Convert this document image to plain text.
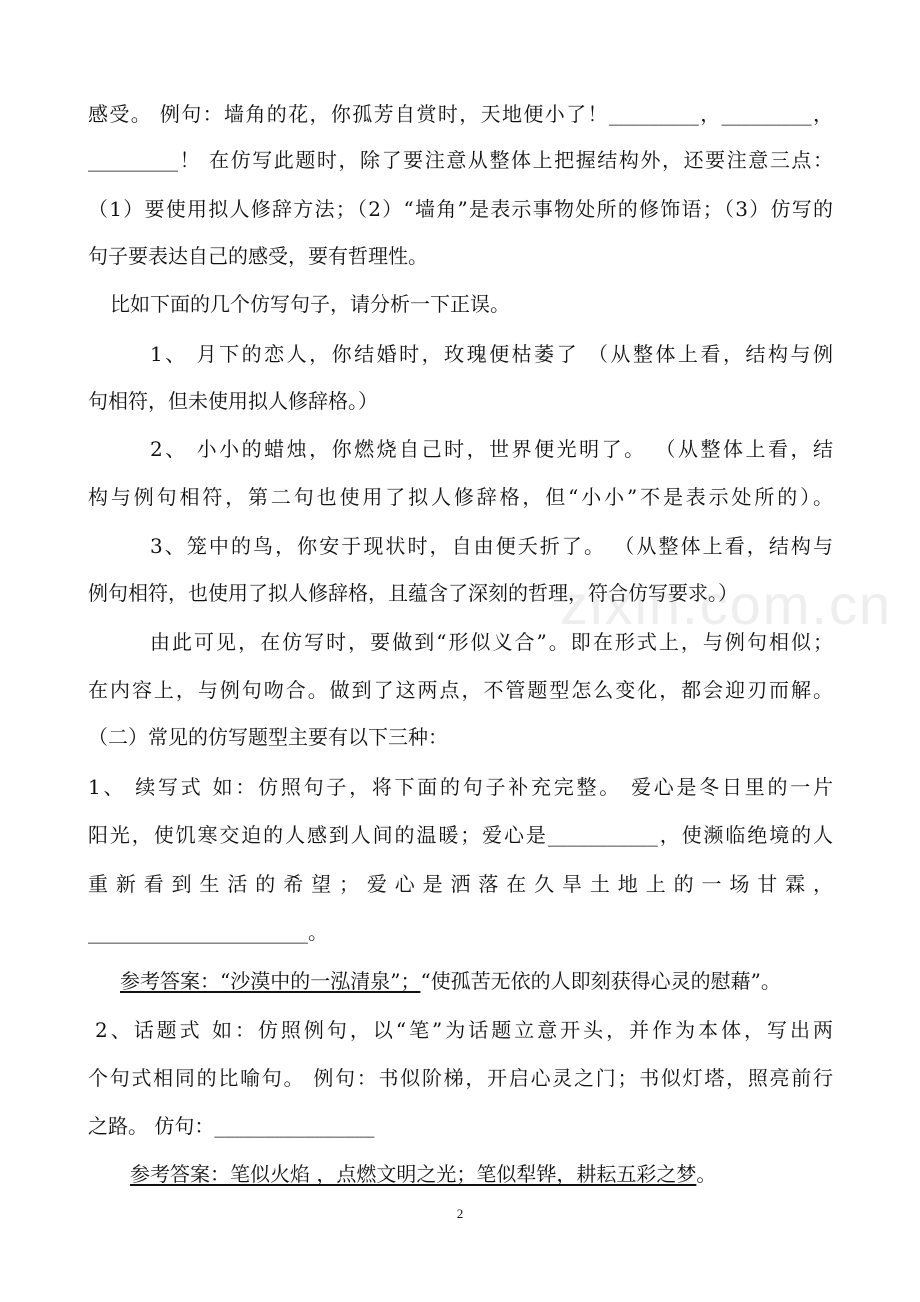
zixin.com.cn
感受。 例句：墙角的花，你孤芳自赏时，天地便小了！_________，_________，
_________！ 在仿写此题时，除了要注意从整体上把握结构外，还要注意三点：
（1）要使用拟人修辞方法；（2）“墙角”是表示事物处所的修饰语；（3）仿写的
句子要表达自己的感受，要有哲理性。
比如下面的几个仿写句子，请分析一下正误。
1、 月下的恋人，你结婚时，玫瑰便枯萎了 （从整体上看，结构与例
句相符，但未使用拟人修辞格。）
2、 小小的蜡烛，你燃烧自己时，世界便光明了。 （从整体上看，结
构与例句相符，第二句也使用了拟人修辞格，但“小小”不是表示处所的）。
3、笼中的鸟，你安于现状时，自由便夭折了。 （从整体上看，结构与
例句相符，也使用了拟人修辞格，且蕴含了深刻的哲理，符合仿写要求。）
由此可见，在仿写时，要做到“形似义合”。即在形式上，与例句相似；
在内容上，与例句吻合。做到了这两点，不管题型怎么变化，都会迎刃而解。
（二）常见的仿写题型主要有以下三种：
1、 续写式 如：仿照句子，将下面的句子补充完整。 爱心是冬日里的一片
阳光，使饥寒交迫的人感到人间的温暖；爱心是___________，使濒临绝境的人
重新看到生活的希望；爱心是洒落在久旱土地上的一场甘霖，
______________________。
参考答案：“沙漠中的一泓清泉”；“使孤苦无依的人即刻获得心灵的慰藉”。
2、话题式 如：仿照例句，以“笔”为话题立意开头，并作为本体，写出两
个句式相同的比喻句。 例句：书似阶梯，开启心灵之门；书似灯塔，照亮前行
之路。 仿句：________________
参考答案：笔似火焰 ，点燃文明之光；笔似犁铧，耕耘五彩之梦。
2
